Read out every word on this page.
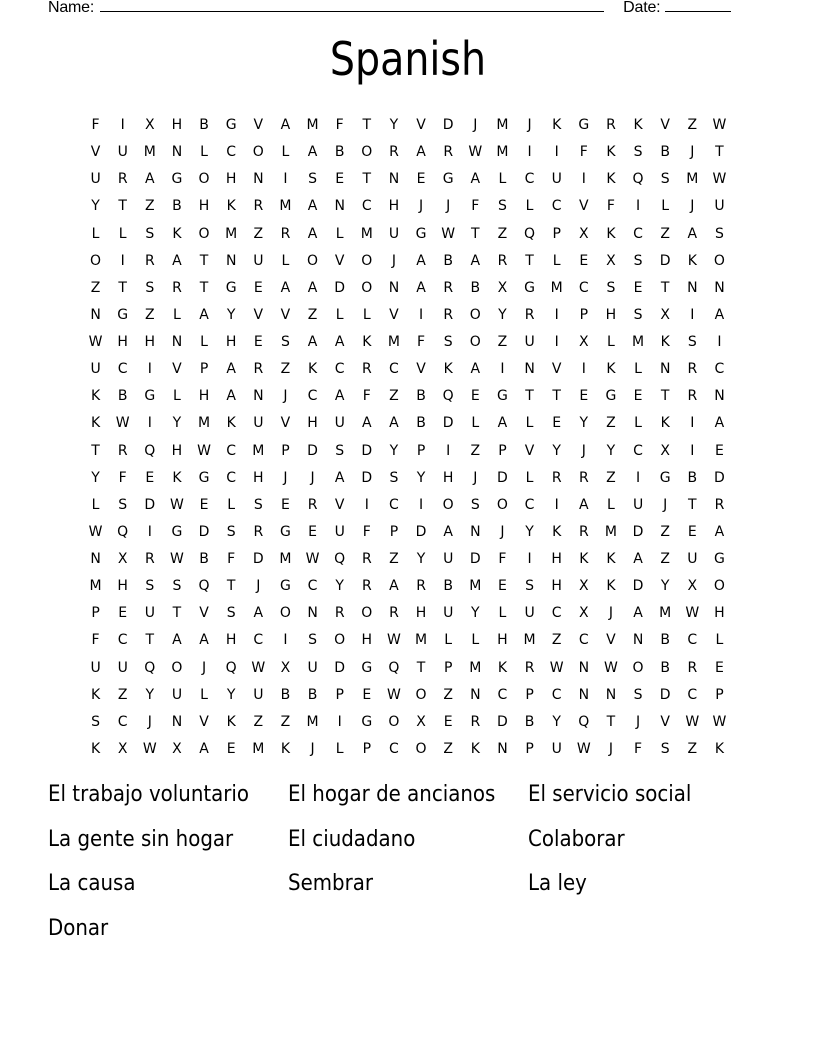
Name:	Date:
Spanish
F	I	X	H	B	G	V	A	M	F	T	Y	V	D	J	M	J	K	G	R	K	V	Z	W
V	U	M	N	L	C	O	L	A	B	O	R	A	R	W	M	I	I	F	K	S	B	J	T
U	R	A	G	O	H	N	I	S	E	T	N	E	G	A	L	C	U	I	K	Q	S	M	W
Y	T	Z	B	H	K	R	M	A	N	C	H	J	J	F	S	L	C	V	F	I	L	J	U
L	L	S	K	O	M	Z	R	A	L	M	U	G	W	T	Z	Q	P	X	K	C	Z	A	S
O	I	R	A	T	N	U	L	O	V	O	J	A	B	A	R	T	L	E	X	S	D	K	O
Z	T	S	R	T	G	E	A	A	D	O	N	A	R	B	X	G	M	C	S	E	T	N	N
N	G	Z	L	A	Y	V	V	Z	L	L	V	I	R	O	Y	R	I	P	H	S	X	I	A
W	H	H	N	L	H	E	S	A	A	K	M	F	S	O	Z	U	I	X	L	M	K	S	I
U	C	I	V	P	A	R	Z	K	C	R	C	V	K	A	I	N	V	I	K	L	N	R	C
K	B	G	L	H	A	N	J	C	A	F	Z	B	Q	E	G	T	T	E	G	E	T	R	N
K	W	I	Y	M	K	U	V	H	U	A	A	B	D	L	A	L	E	Y	Z	L	K	I	A
T	R	Q	H	W	C	M	P	D	S	D	Y	P	I	Z	P	V	Y	J	Y	C	X	I	E
Y	F	E	K	G	C	H	J	J	A	D	S	Y	H	J	D	L	R	R	Z	I	G	B	D
L	S	D	W	E	L	S	E	R	V	I	C	I	O	S	O	C	I	A	L	U	J	T	R
W	Q	I	G	D	S	R	G	E	U	F	P	D	A	N	J	Y	K	R	M	D	Z	E	A
N	X	R	W	B	F	D	M	W	Q	R	Z	Y	U	D	F	I	H	K	K	A	Z	U	G
M	H	S	S	Q	T	J	G	C	Y	R	A	R	B	M	E	S	H	X	K	D	Y	X	O
P	E	U	T	V	S	A	O	N	R	O	R	H	U	Y	L	U	C	X	J	A	M	W	H
F	C	T	A	A	H	C	I	S	O	H	W	M	L	L	H	M	Z	C	V	N	B	C	L
U	U	Q	O	J	Q	W	X	U	D	G	Q	T	P	M	K	R	W	N	W	O	B	R	E
K	Z	Y	U	L	Y	U	B	B	P	E	W	O	Z	N	C	P	C	N	N	S	D	C	P
S	C	J	N	V	K	Z	Z	M	I	G	O	X	E	R	D	B	Y	Q	T	J	V	W W
K	X	W	X	A	E	M	K	J	L	P	C	O	Z	K	N	P	U	W	J	F	S	Z	K
El trabajo voluntario	El hogar de ancianos	El servicio social
La gente sin hogar	El ciudadano	Colaborar
La causa	Sembrar	La ley
Donar
